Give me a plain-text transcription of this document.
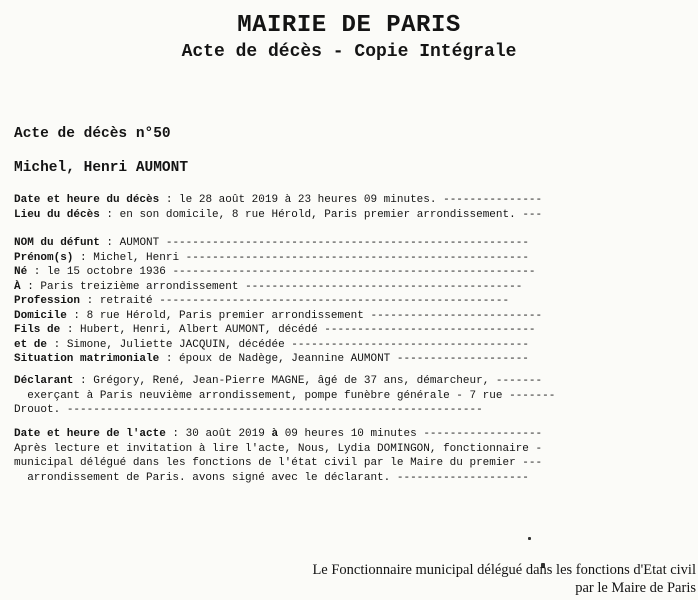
MAIRIE DE PARIS
Acte de décès - Copie Intégrale
Acte de décès n°50
Michel, Henri AUMONT
Date et heure du décès : le 28 août 2019 à 23 heures 09 minutes. ---------------
Lieu du décès : en son domicile, 8 rue Hérold, Paris premier arrondissement. ---
NOM du défunt : AUMONT -------------------------------------------------------
Prénom(s) : Michel, Henri ----------------------------------------------------
Né : le 15 octobre 1936 -------------------------------------------------------
À : Paris treizième arrondissement ------------------------------------------
Profession : retraité -----------------------------------------------------
Domicile : 8 rue Hérold, Paris premier arrondissement --------------------------
Fils de : Hubert, Henri, Albert AUMONT, décédé --------------------------------
et de : Simone, Juliette JACQUIN, décédée ------------------------------------
Situation matrimoniale : époux de Nadège, Jeannine AUMONT --------------------
Déclarant : Grégory, René, Jean-Pierre MAGNE, âgé de 37 ans, démarcheur, -------
exerçant à Paris neuvième arrondissement, pompe funèbre générale - 7 rue -------
Drouot. ---------------------------------------------------------------
Date et heure de l'acte : 30 août 2019 à 09 heures 10 minutes ------------------
Après lecture et invitation à lire l'acte, Nous, Lydia DOMINGON, fonctionnaire -
municipal délégué dans les fonctions de l'état civil par le Maire du premier ---
arrondissement de Paris. avons signé avec le déclarant. --------------------
Le Fonctionnaire municipal délégué dans les fonctions d'Etat civil
par le Maire de Paris
